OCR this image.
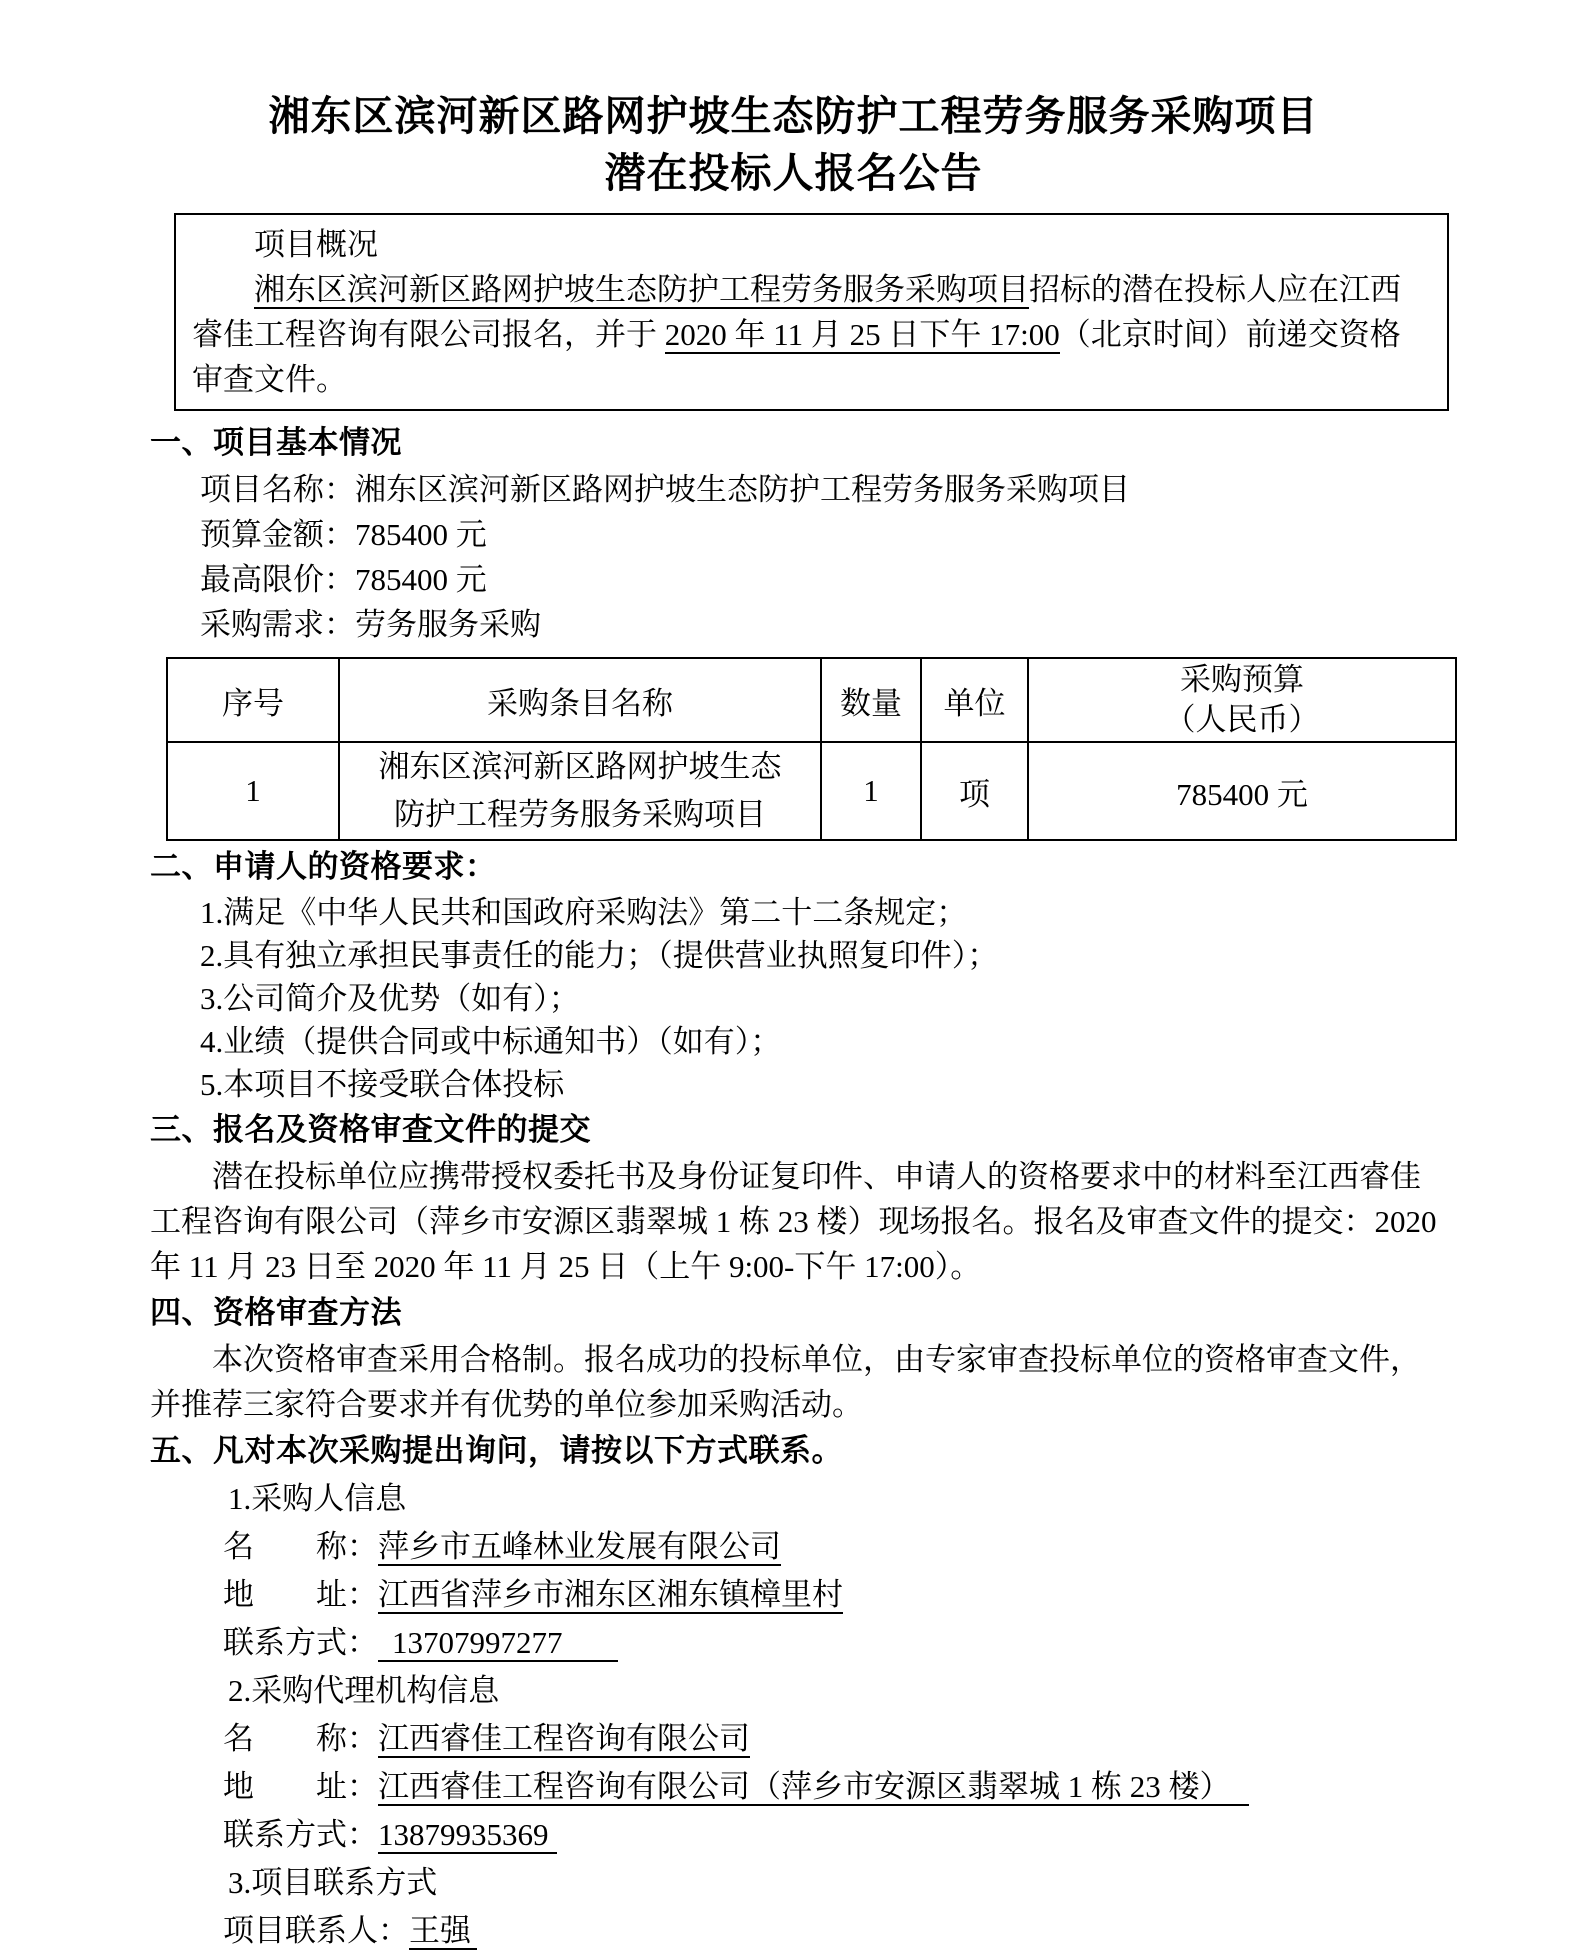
湘东区滨河新区路网护坡生态防护工程劳务服务采购项目
潜在投标人报名公告
项目概况

湘东区滨河新区路网护坡生态防护工程劳务服务采购项目招标的潜在投标人应在江西睿佳工程咨询有限公司报名，并于 2020 年 11 月 25 日下午 17:00（北京时间）前递交资格审查文件。

一、项目基本情况
项目名称：湘东区滨河新区路网护坡生态防护工程劳务服务采购项目
预算金额：785400 元
最高限价：785400 元
采购需求：劳务服务采购
序号	采购条目名称	数量	单位	采购预算
（人民币）

1	湘东区滨河新区路网护坡生态防护工程劳务服务采购项目	1	项	785400 元
二、申请人的资格要求：
1.满足《中华人民共和国政府采购法》第二十二条规定；
2.具有独立承担民事责任的能力；（提供营业执照复印件）；
3.公司简介及优势（如有）；
4.业绩（提供合同或中标通知书）（如有）；
5.本项目不接受联合体投标
三、报名及资格审查文件的提交

潜在投标单位应携带授权委托书及身份证复印件、申请人的资格要求中的材料至江西睿佳工程咨询有限公司（萍乡市安源区翡翠城 1 栋 23 楼）现场报名。报名及审查文件的提交：2020 年 11 月 23 日至 2020 年 11 月 25 日（上午 9:00-下午 17:00）。

四、资格审查方法

本次资格审查采用合格制。报名成功的投标单位，由专家审查投标单位的资格审查文件，并推荐三家符合要求并有优势的单位参加采购活动。

五、凡对本次采购提出询问，请按以下方式联系。
1.采购人信息
名　　称：萍乡市五峰林业发展有限公司
地　　址：江西省萍乡市湘东区湘东镇樟里村
联系方式： 13707997277
2.采购代理机构信息
名　　称：江西睿佳工程咨询有限公司
地　　址：江西睿佳工程咨询有限公司（萍乡市安源区翡翠城 1 栋 23 楼）
联系方式：13879935369
3.项目联系方式
项目联系人：王强
